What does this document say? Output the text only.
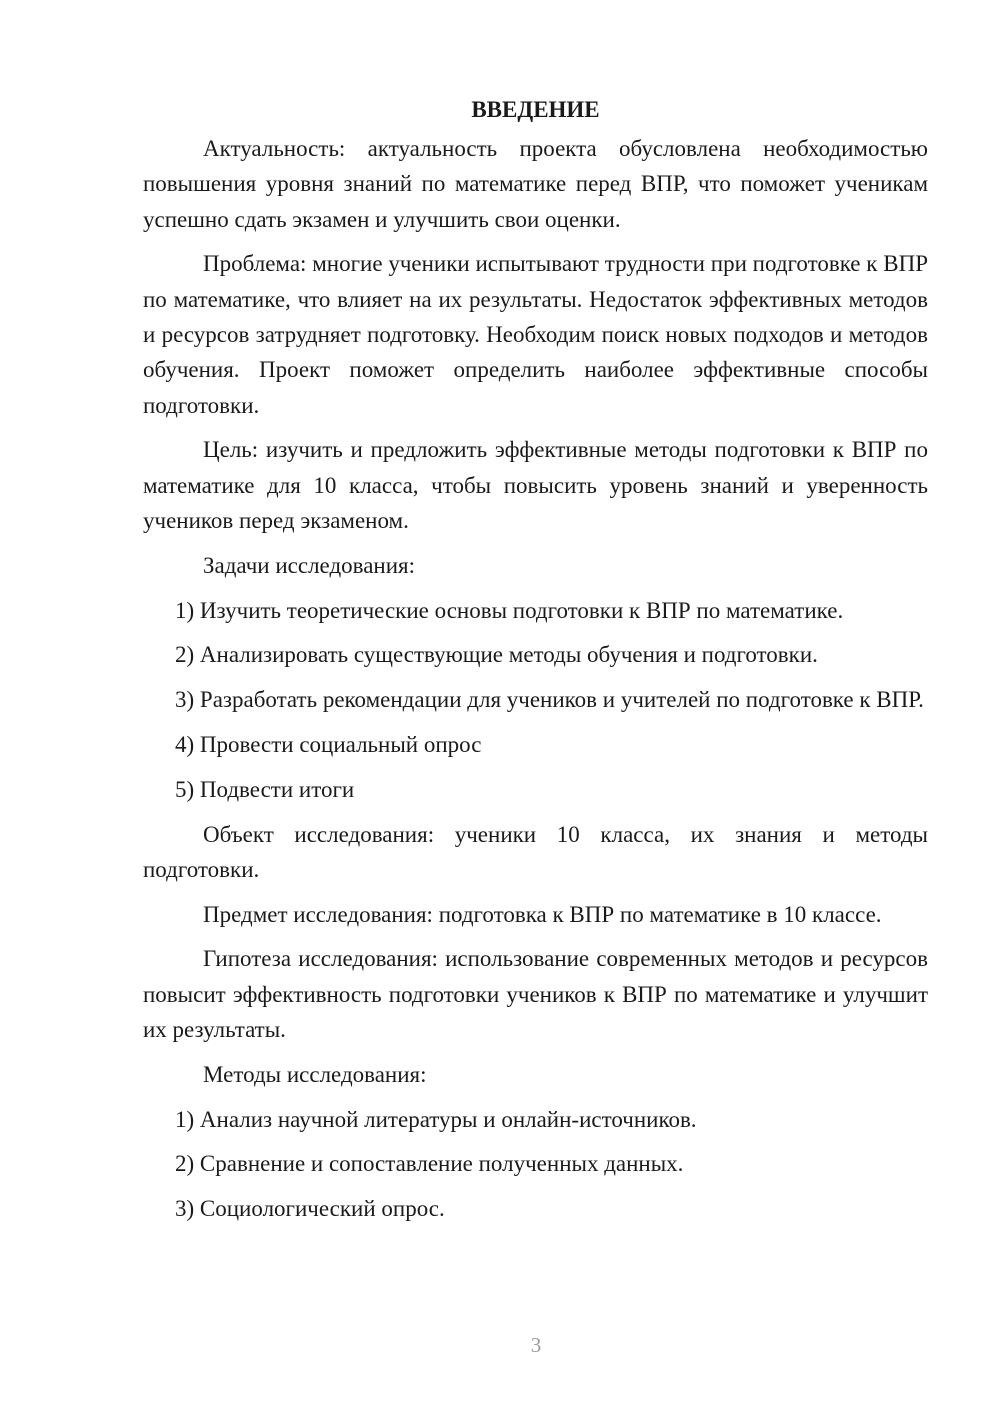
ВВЕДЕНИЕ

Актуальность: актуальность проекта обусловлена необходимостью повышения уровня знаний по математике перед ВПР, что поможет ученикам успешно сдать экзамен и улучшить свои оценки.

Проблема: многие ученики испытывают трудности при подготовке к ВПР по математике, что влияет на их результаты. Недостаток эффективных методов и ресурсов затрудняет подготовку. Необходим поиск новых подходов и методов обучения. Проект поможет определить наиболее эффективные способы подготовки.

Цель: изучить и предложить эффективные методы подготовки к ВПР по математике для 10 класса, чтобы повысить уровень знаний и уверенность учеников перед экзаменом.

Задачи исследования:

1) Изучить теоретические основы подготовки к ВПР по математике.

2) Анализировать существующие методы обучения и подготовки.

3) Разработать рекомендации для учеников и учителей по подготовке к ВПР.

4) Провести социальный опрос

5) Подвести итоги

Объект исследования: ученики 10 класса, их знания и методы подготовки.

Предмет исследования: подготовка к ВПР по математике в 10 классе.

Гипотеза исследования: использование современных методов и ресурсов повысит эффективность подготовки учеников к ВПР по математике и улучшит их результаты.

Методы исследования:

1) Анализ научной литературы и онлайн-источников.

2) Сравнение и сопоставление полученных данных.

3) Социологический опрос.

3
